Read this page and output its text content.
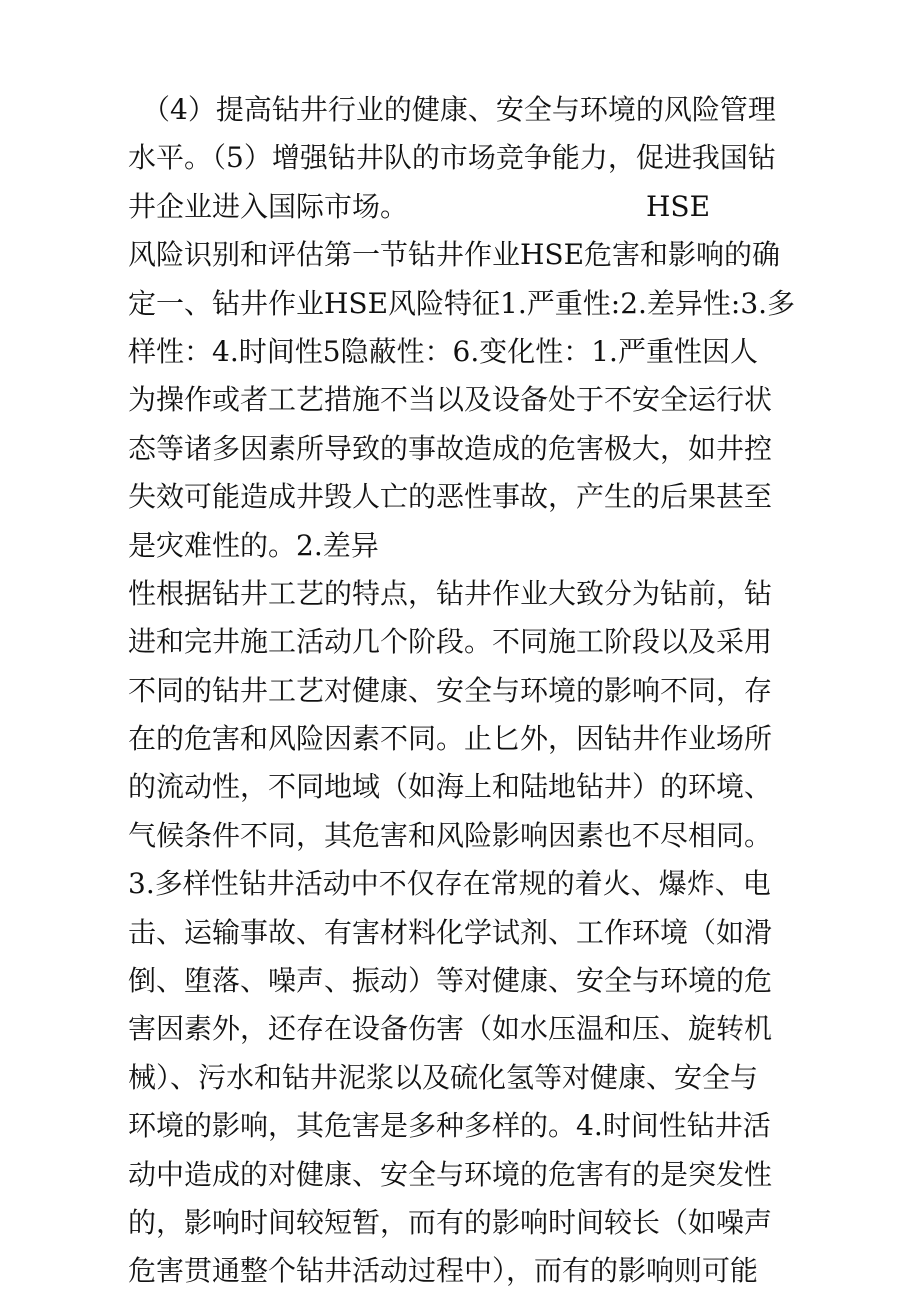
　（4）提高钻井行业的健康、安全与环境的风险管理
水平。（5）增强钻井队的市场竞争能力，促进我国钻
井企业进入国际市场。　　　　　　　　　HSE
风险识别和评估第一节钻井作业HSE危害和影响的确
定一、钻井作业HSE风险特征1.严重性:2.差异性:3.多
样性：4.时间性5隐蔽性：6.变化性：1.严重性因人
为操作或者工艺措施不当以及设备处于不安全运行状
态等诸多因素所导致的事故造成的危害极大，如井控
失效可能造成井毁人亡的恶性事故，产生的后果甚至
是灾难性的。2.差异
性根据钻井工艺的特点，钻井作业大致分为钻前，钻
进和完井施工活动几个阶段。不同施工阶段以及采用
不同的钻井工艺对健康、安全与环境的影响不同，存
在的危害和风险因素不同。止匕外，因钻井作业场所
的流动性，不同地域（如海上和陆地钻井）的环境、
气候条件不同，其危害和风险影响因素也不尽相同。
3.多样性钻井活动中不仅存在常规的着火、爆炸、电
击、运输事故、有害材料化学试剂、工作环境（如滑
倒、堕落、噪声、振动）等对健康、安全与环境的危
害因素外，还存在设备伤害（如水压温和压、旋转机
械）、污水和钻井泥浆以及硫化氢等对健康、安全与
环境的影响，其危害是多种多样的。4.时间性钻井活
动中造成的对健康、安全与环境的危害有的是突发性
的，影响时间较短暂，而有的影响时间较长（如噪声
危害贯通整个钻井活动过程中），而有的影响则可能
